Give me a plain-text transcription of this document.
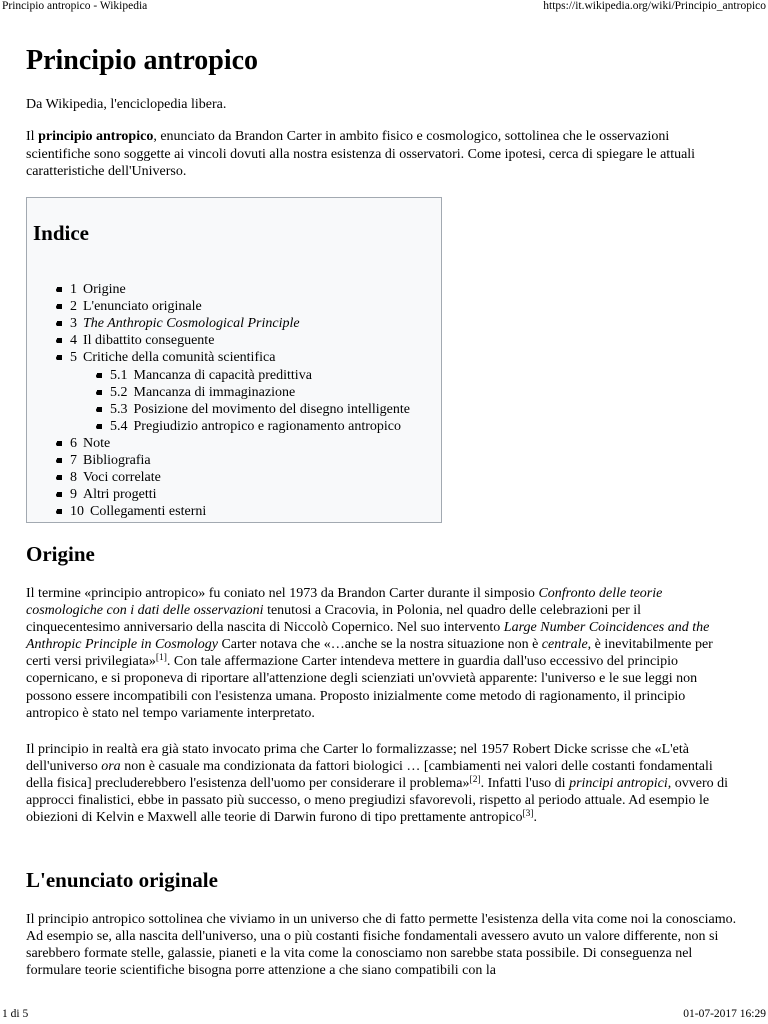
Principio antropico - Wikipedia	https://it.wikipedia.org/wiki/Principio_antropico
Principio antropico
Da Wikipedia, l'enciclopedia libera.

Il principio antropico, enunciato da Brandon Carter in ambito fisico e cosmologico, sottolinea che le osservazioni scientifiche sono soggette ai vincoli dovuti alla nostra esistenza di osservatori. Come ipotesi, cerca di spiegare le attuali caratteristiche dell'Universo.

Indice
• 1 Origine
• 2 L'enunciato originale
• 3 The Anthropic Cosmological Principle
• 4 Il dibattito conseguente
• 5 Critiche della comunità scientifica
• 5.1 Mancanza di capacità predittiva
• 5.2 Mancanza di immaginazione
• 5.3 Posizione del movimento del disegno intelligente
• 5.4 Pregiudizio antropico e ragionamento antropico
• 6 Note
• 7 Bibliografia
• 8 Voci correlate
• 9 Altri progetti
• 10 Collegamenti esterni
Origine

Il termine «principio antropico» fu coniato nel 1973 da Brandon Carter durante il simposio Confronto delle teorie cosmologiche con i dati delle osservazioni tenutosi a Cracovia, in Polonia, nel quadro delle celebrazioni per il cinquecentesimo anniversario della nascita di Niccolò Copernico. Nel suo intervento Large Number Coincidences and the Anthropic Principle in Cosmology Carter notava che «…anche se la nostra situazione non è centrale, è inevitabilmente per certi versi privilegiata»[1]. Con tale affermazione Carter intendeva mettere in guardia dall'uso eccessivo del principio copernicano, e si proponeva di riportare all'attenzione degli scienziati un'ovvietà apparente: l'universo e le sue leggi non possono essere incompatibili con l'esistenza umana. Proposto inizialmente come metodo di ragionamento, il principio antropico è stato nel tempo variamente interpretato.

Il principio in realtà era già stato invocato prima che Carter lo formalizzasse; nel 1957 Robert Dicke scrisse che «L'età dell'universo ora non è casuale ma condizionata da fattori biologici … [cambiamenti nei valori delle costanti fondamentali della fisica] precluderebbero l'esistenza dell'uomo per considerare il problema»[2]. Infatti l'uso di principi antropici, ovvero di approcci finalistici, ebbe in passato più successo, o meno pregiudizi sfavorevoli, rispetto al periodo attuale. Ad esempio le obiezioni di Kelvin e Maxwell alle teorie di Darwin furono di tipo prettamente antropico[3].

L'enunciato originale

Il principio antropico sottolinea che viviamo in un universo che di fatto permette l'esistenza della vita come noi la conosciamo. Ad esempio se, alla nascita dell'universo, una o più costanti fisiche fondamentali avessero avuto un valore differente, non si sarebbero formate stelle, galassie, pianeti e la vita come la conosciamo non sarebbe stata possibile. Di conseguenza nel formulare teorie scientifiche bisogna porre attenzione a che siano compatibili con la

1 di 5	01-07-2017 16:29
